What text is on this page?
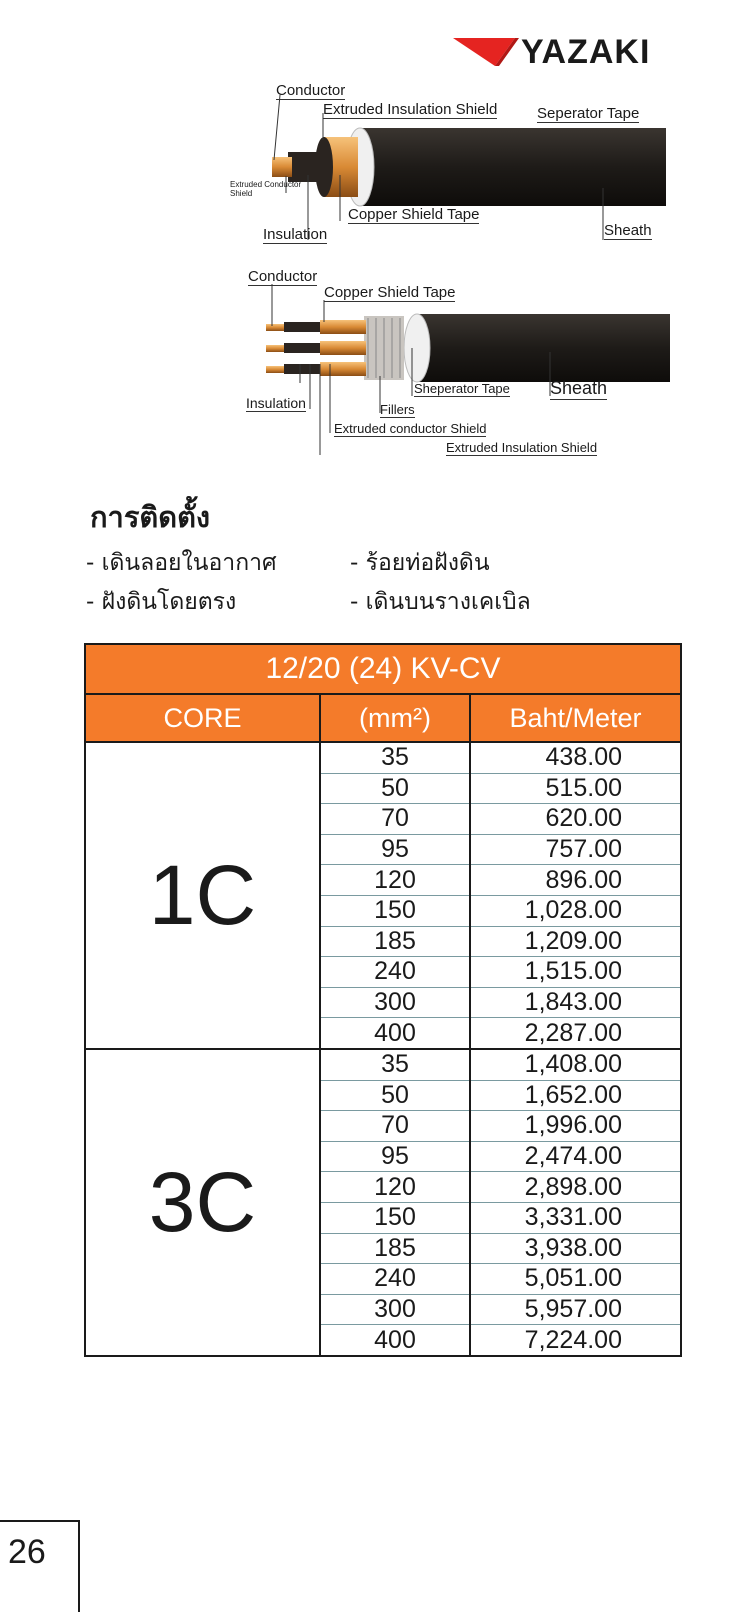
YAZAKI
Conductor
Extruded Insulation Shield	Seperator Tape
Extruded Conductor Shield
Copper Shield Tape
Insulation	Sheath
Conductor
Copper Shield Tape
Sheperator Tape Sheath
Insulation	Fillers
Extruded conductor Shield
Extruded Insulation Shield
การติดตั้ง
- เดินลอยในอากาศ	- ร้อยท่อฝังดิน
- ฝังดินโดยตรง	- เดินบนรางเคเบิล
12/20 (24) KV-CV		
CORE	(mm²)	Baht/Meter
1C	35	438.00
	50	515.00
	70	620.00
	95	757.00
	120	896.00
	150	1,028.00
	185	1,209.00
	240	1,515.00
	300	1,843.00
	400	2,287.00
3C	35	1,408.00
	50	1,652.00
	70	1,996.00
	95	2,474.00
	120	2,898.00
	150	3,331.00
	185	3,938.00
	240	5,051.00
	300	5,957.00
	400	7,224.00
26
